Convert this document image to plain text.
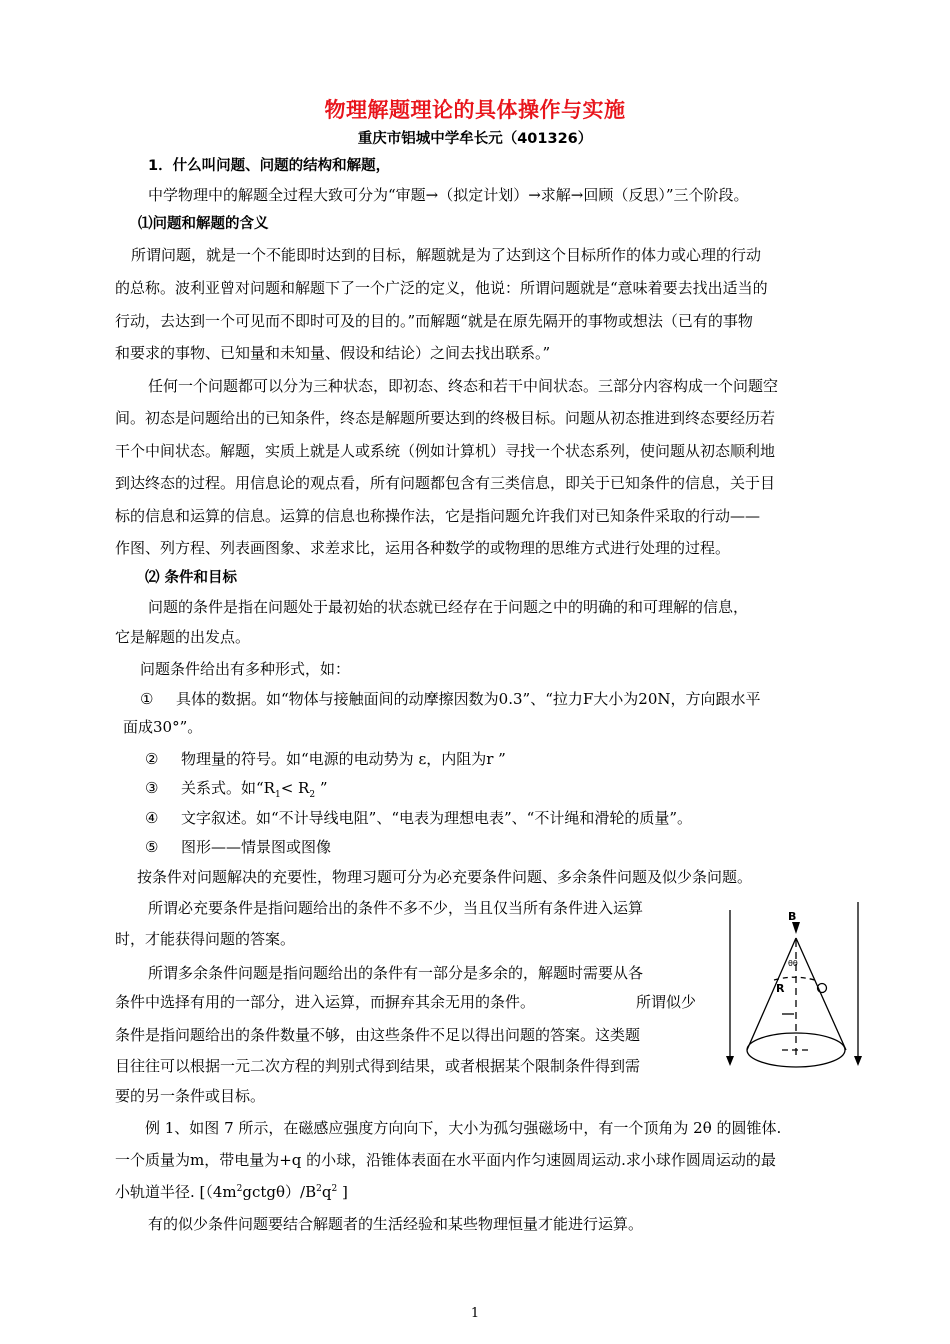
物理解题理论的具体操作与实施
重庆市铝城中学牟长元（401326）
1．什么叫问题、问题的结构和解题，
中学物理中的解题全过程大致可分为“审题→（拟定计划）→求解→回顾（反思）”三个阶段。
⑴问题和解题的含义
所谓问题，就是一个不能即时达到的目标，解题就是为了达到这个目标所作的体力或心理的行动
的总称。波利亚曾对问题和解题下了一个广泛的定义，他说：所谓问题就是“意味着要去找出适当的
行动，去达到一个可见而不即时可及的目的。”而解题“就是在原先隔开的事物或想法（已有的事物
和要求的事物、已知量和未知量、假设和结论）之间去找出联系。”
任何一个问题都可以分为三种状态，即初态、终态和若干中间状态。三部分内容构成一个问题空
间。初态是问题给出的已知条件，终态是解题所要达到的终极目标。问题从初态推进到终态要经历若
干个中间状态。解题，实质上就是人或系统（例如计算机）寻找一个状态系列，使问题从初态顺利地
到达终态的过程。用信息论的观点看，所有问题都包含有三类信息，即关于已知条件的信息，关于目
标的信息和运算的信息。运算的信息也称操作法，它是指问题允许我们对已知条件采取的行动——
作图、列方程、列表画图象、求差求比，运用各种数学的或物理的思维方式进行处理的过程。
⑵ 条件和目标
问题的条件是指在问题处于最初始的状态就已经存在于问题之中的明确的和可理解的信息，
它是解题的出发点。
问题条件给出有多种形式，如：
① 具体的数据。如“物体与接触面间的动摩擦因数为0.3”、“拉力F大小为20N，方向跟水平
面成30°”。
② 物理量的符号。如“电源的电动势为 ε，内阻为r ”
③ 关系式。如“$R_1< R_2$ ”
④ 文字叙述。如“不计导线电阻”、“电表为理想电表”、“不计绳和滑轮的质量”。
⑤ 图形——情景图或图像
按条件对问题解决的充要性，物理习题可分为必充要条件问题、多余条件问题及似少条问题。
所谓必充要条件是指问题给出的条件不多不少，当且仅当所有条件进入运算
时，才能获得问题的答案。
所谓多余条件问题是指问题给出的条件有一部分是多余的，解题时需要从各
条件中选择有用的一部分，进入运算，而摒弃其余无用的条件。	所谓似少
条件是指问题给出的条件数量不够，由这些条件不足以得出问题的答案。这类题
目往往可以根据一元二次方程的判别式得到结果，或者根据某个限制条件得到需
要的另一条件或目标。
例 1、如图 7 所示，在磁感应强度方向向下，大小为孤匀强磁场中，有一个顶角为 2θ 的圆锥体.
一个质量为m，带电量为+q 的小球，沿锥体表面在水平面内作匀速圆周运动.求小球作圆周运动的最
小轨道半径. [$(4m^2gctg\theta)/B^2q^2$ ]
有的似少条件问题要结合解题者的生活经验和某些物理恒量才能进行运算。
B
θθ
R
1
